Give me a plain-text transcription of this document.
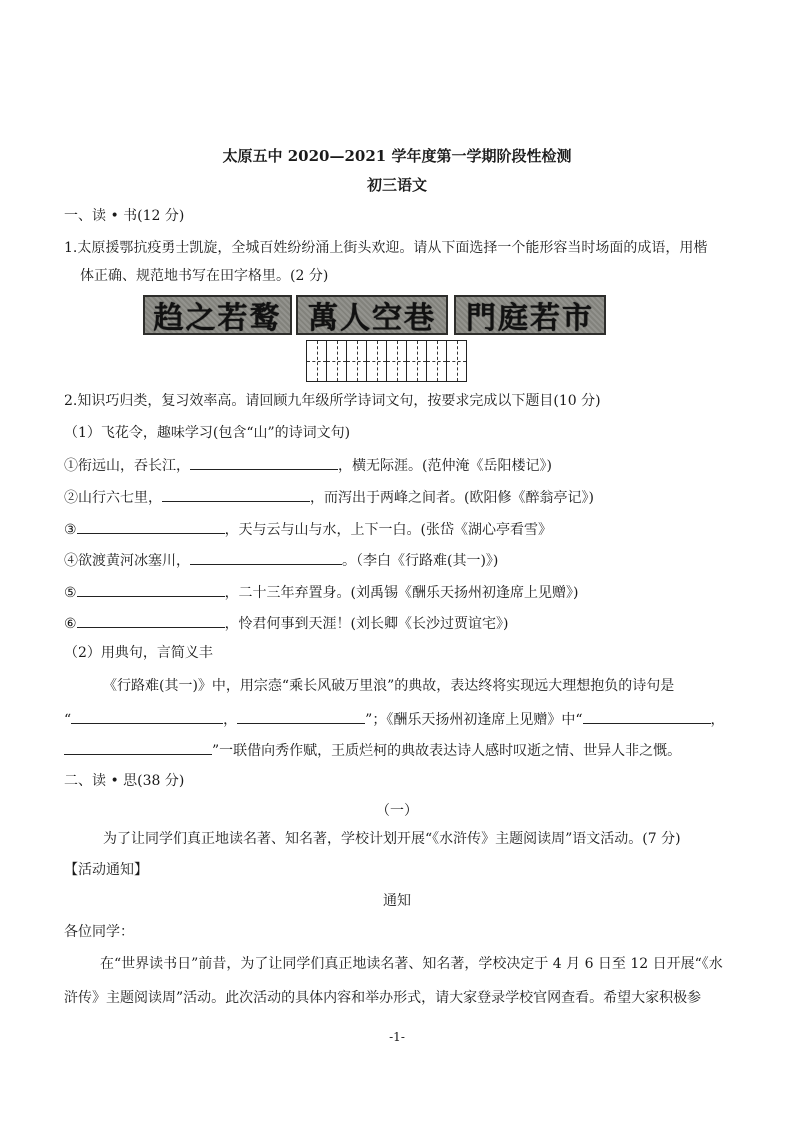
太原五中 2020—2021 学年度第一学期阶段性检测
初三语文
一、读 • 书(12 分)
1.太原援鄂抗疫勇士凯旋，全城百姓纷纷涌上街头欢迎。请从下面选择一个能形容当时场面的成语，用楷
体正确、规范地书写在田字格里。(2 分)
趋之若鹜 萬人空巷 門庭若市
2.知识巧归类，复习效率高。请回顾九年级所学诗词文句，按要求完成以下题目(10 分)
（1）飞花令，趣味学习(包含“山”的诗词文句)
①衔远山，吞长江，	，横无际涯。(范仲淹《岳阳楼记》)
②山行六七里，	，而泻出于两峰之间者。(欧阳修《醉翁亭记》)
③	，天与云与山与水，上下一白。(张岱《湖心亭看雪》
④欲渡黄河冰塞川，	。（李白《行路难(其一)》)
⑤	，二十三年弃置身。(刘禹锡《酬乐天扬州初逢席上见赠》)
⑥	，怜君何事到天涯！(刘长卿《长沙过贾谊宅》)
（2）用典句，言简义丰
《行路难(其一)》中，用宗悫“乘长风破万里浪”的典故，表达终将实现远大理想抱负的诗句是
“	，	”；《酬乐天扬州初逢席上见赠》中“	，
”一联借向秀作赋，王质烂柯的典故表达诗人感时叹逝之情、世异人非之慨。
二、读 • 思(38 分)
（一）
为了让同学们真正地读名著、知名著，学校计划开展“《水浒传》主题阅读周”语文活动。(7 分)
【活动通知】
通知
各位同学：
在“世界读书日”前昔，为了让同学们真正地读名著、知名著，学校决定于 4 月 6 日至 12 日开展“《水
浒传》主题阅读周”活动。此次活动的具体内容和举办形式，请大家登录学校官网查看。希望大家积极参
-1-
